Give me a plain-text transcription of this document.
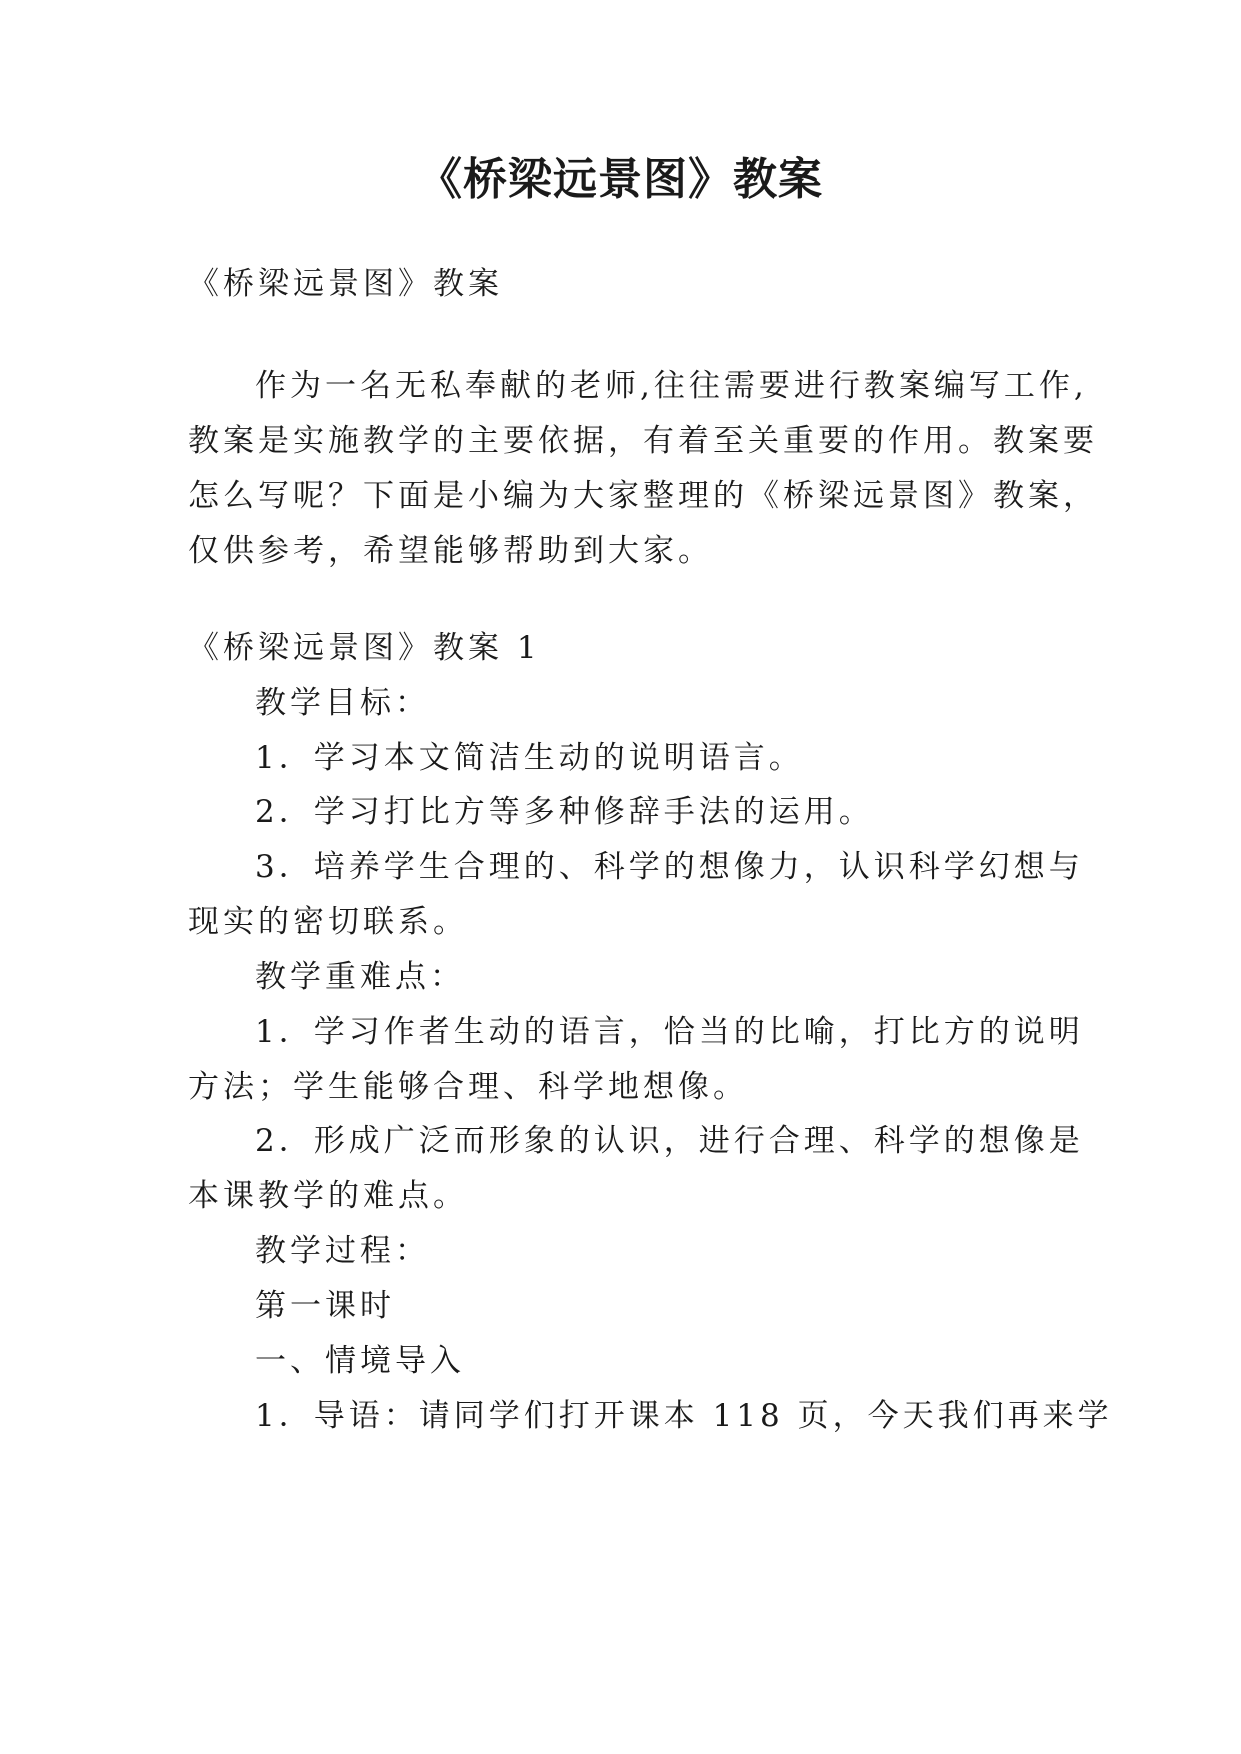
《桥梁远景图》教案
《桥梁远景图》教案
作为一名无私奉献的老师,往往需要进行教案编写工作,
教案是实施教学的主要依据，有着至关重要的作用。教案要
怎么写呢？下面是小编为大家整理的《桥梁远景图》教案，
仅供参考，希望能够帮助到大家。
《桥梁远景图》教案 1
教学目标：
1．学习本文简洁生动的说明语言。
2．学习打比方等多种修辞手法的运用。
3．培养学生合理的、科学的想像力，认识科学幻想与
现实的密切联系。
教学重难点：
1．学习作者生动的语言，恰当的比喻，打比方的说明
方法；学生能够合理、科学地想像。
2．形成广泛而形象的认识，进行合理、科学的想像是
本课教学的难点。
教学过程：
第一课时
一、情境导入
1．导语：请同学们打开课本 118 页，今天我们再来学
